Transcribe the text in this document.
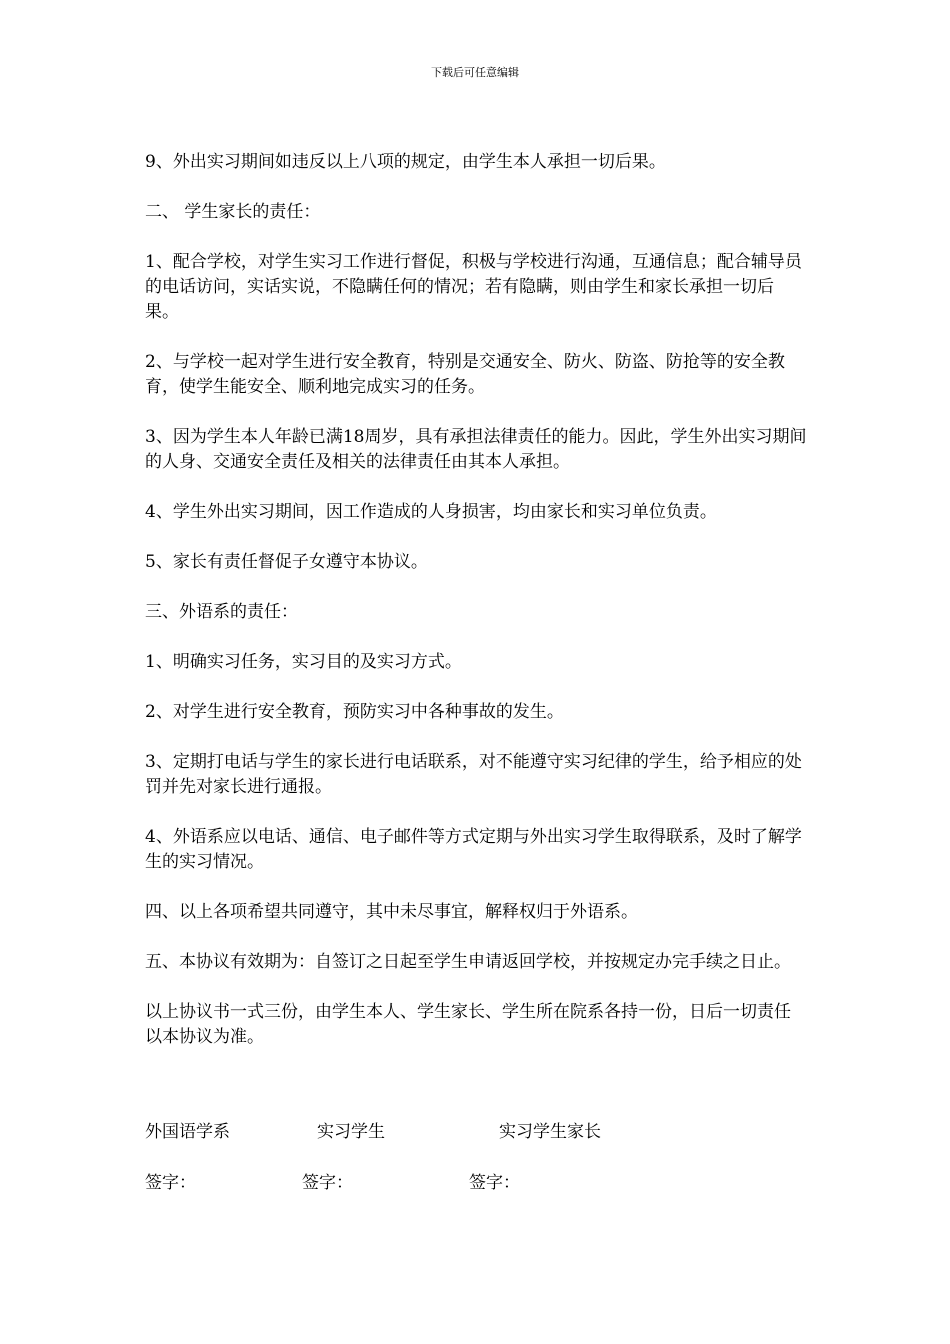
下载后可任意编辑

9、外出实习期间如违反以上八项的规定，由学生本人承担一切后果。

二、 学生家长的责任：

1、配合学校，对学生实习工作进行督促，积极与学校进行沟通，互通信息；配合辅导员的电话访问，实话实说，不隐瞒任何的情况；若有隐瞒，则由学生和家长承担一切后果。

2、与学校一起对学生进行安全教育，特别是交通安全、防火、防盗、防抢等的安全教育，使学生能安全、顺利地完成实习的任务。

3、因为学生本人年龄已满18周岁，具有承担法律责任的能力。因此，学生外出实习期间的人身、交通安全责任及相关的法律责任由其本人承担。

4、学生外出实习期间，因工作造成的人身损害，均由家长和实习单位负责。

5、家长有责任督促子女遵守本协议。

三、外语系的责任：

1、明确实习任务，实习目的及实习方式。

2、对学生进行安全教育，预防实习中各种事故的发生。

3、定期打电话与学生的家长进行电话联系，对不能遵守实习纪律的学生，给予相应的处罚并先对家长进行通报。

4、外语系应以电话、通信、电子邮件等方式定期与外出实习学生取得联系，及时了解学生的实习情况。

四、以上各项希望共同遵守，其中未尽事宜，解释权归于外语系。

五、本协议有效期为：自签订之日起至学生申请返回学校，并按规定办完手续之日止。

以上协议书一式三份，由学生本人、学生家长、学生所在院系各持一份，日后一切责任以本协议为准。

外国语学系	实习学生	实习学生家长
签字：	签字：	签字：
